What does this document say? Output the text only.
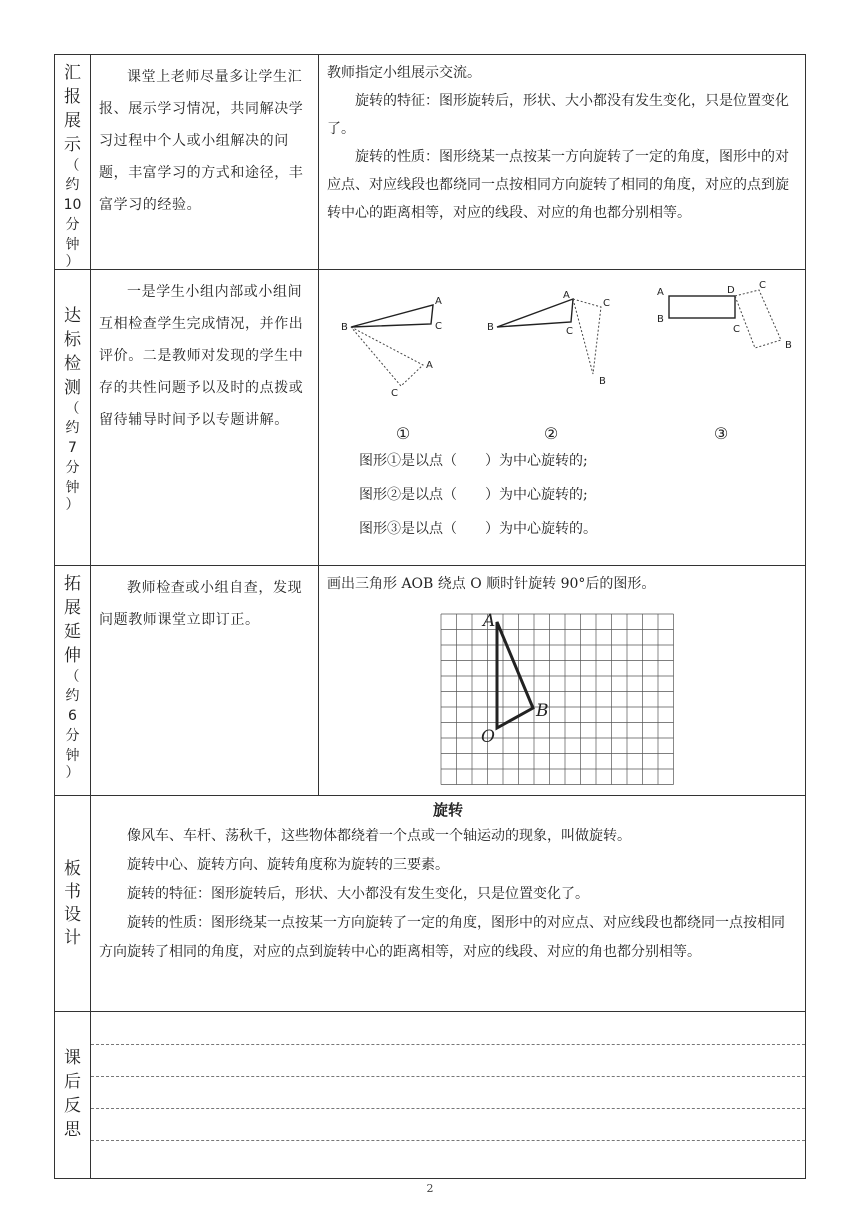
汇
报
展
示
（
约
10
分
钟
）

课堂上老师尽量多让学生汇报、展示学习情况，共同解决学习过程中个人或小组解决的问题，丰富学习的方式和途径，丰富学习的经验。

教师指定小组展示交流。

旋转的特征：图形旋转后，形状、大小都没有发生变化，只是位置变化了。

旋转的性质：图形绕某一点按某一方向旋转了一定的角度，图形中的对应点、对应线段也都绕同一点按相同方向旋转了相同的角度，对应的点到旋转中心的距离相等，对应的线段、对应的角也都分别相等。

达
标
检
测
（
约
7
分
钟
）

一是学生小组内部或小组间互相检查学生完成情况，并作出评价。二是教师对发现的学生中存的共性问题予以及时的点拨或留待辅导时间予以专题讲解。

B
A
C
A
C
B
A
C
C
B
A
B
D
C
C
B
①	②	③

图形①是以点（　　）为中心旋转的;

图形②是以点（　　）为中心旋转的;

图形③是以点（　　）为中心旋转的。

拓
展
延
伸
（
约
6
分
钟
）

教师检查或小组自查，发现问题教师课堂立即订正。

画出三角形 AOB 绕点 O 顺时针旋转 90°后的图形。

A
B
O
板
书
设
计

旋转

像风车、车杆、荡秋千，这些物体都绕着一个点或一个轴运动的现象，叫做旋转。

旋转中心、旋转方向、旋转角度称为旋转的三要素。

旋转的特征：图形旋转后，形状、大小都没有发生变化，只是位置变化了。

旋转的性质：图形绕某一点按某一方向旋转了一定的角度，图形中的对应点、对应线段也都绕同一点按相同方向旋转了相同的角度，对应的点到旋转中心的距离相等，对应的线段、对应的角也都分别相等。

课
后
反
思
2
